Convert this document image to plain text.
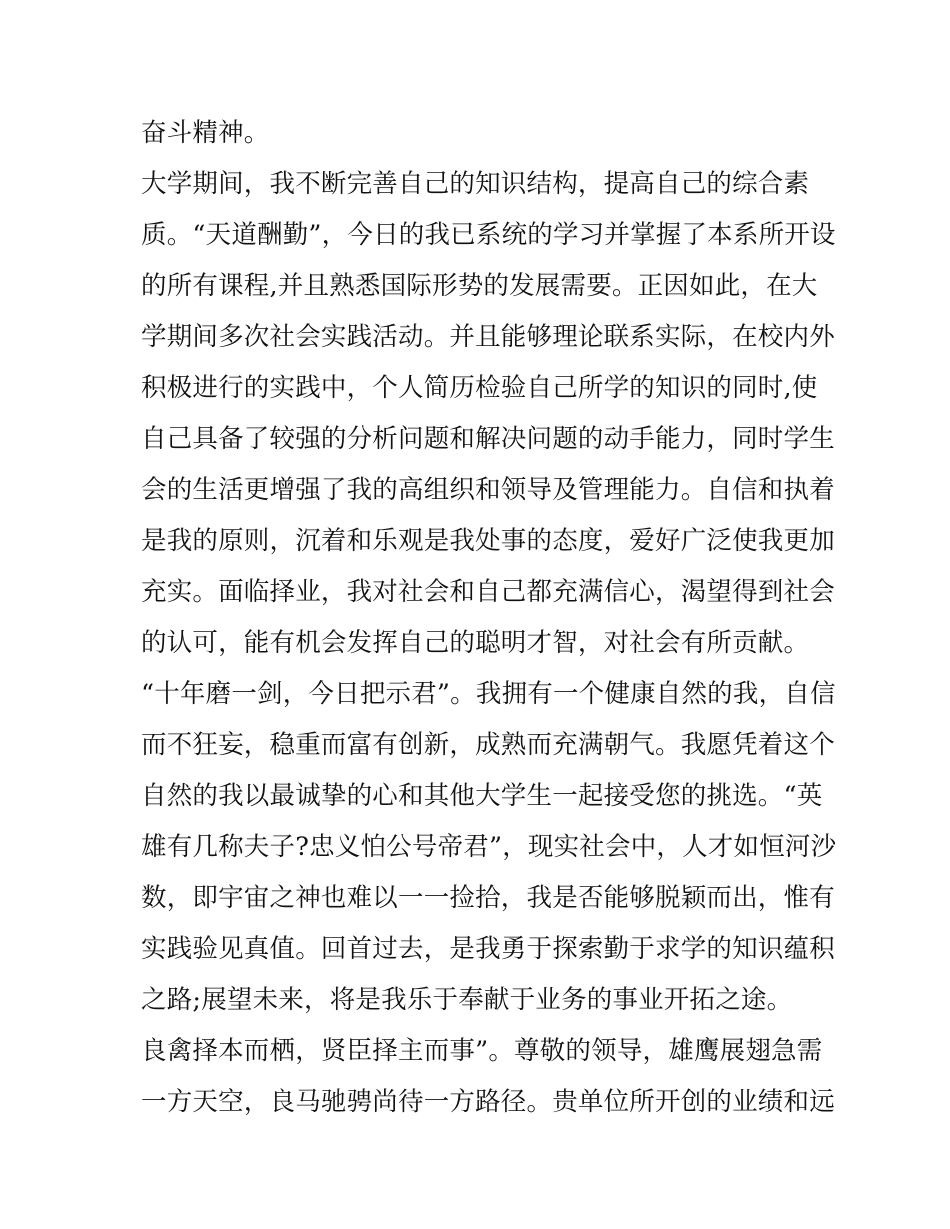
奋斗精神。
大学期间，我不断完善自己的知识结构，提高自己的综合素
质。“天道酬勤”，今日的我已系统的学习并掌握了本系所开设
的所有课程,并且熟悉国际形势的发展需要。正因如此，在大
学期间多次社会实践活动。并且能够理论联系实际，在校内外
积极进行的实践中，个人简历检验自己所学的知识的同时,使
自己具备了较强的分析问题和解决问题的动手能力，同时学生
会的生活更增强了我的高组织和领导及管理能力。自信和执着
是我的原则，沉着和乐观是我处事的态度，爱好广泛使我更加
充实。面临择业，我对社会和自己都充满信心，渴望得到社会
的认可，能有机会发挥自己的聪明才智，对社会有所贡献。
“十年磨一剑，今日把示君”。我拥有一个健康自然的我，自信
而不狂妄，稳重而富有创新，成熟而充满朝气。我愿凭着这个
自然的我以最诚挚的心和其他大学生一起接受您的挑选。“英
雄有几称夫子?忠义怕公号帝君”，现实社会中，人才如恒河沙
数，即宇宙之神也难以一一捡拾，我是否能够脱颖而出，惟有
实践验见真值。回首过去，是我勇于探索勤于求学的知识蕴积
之路;展望未来，将是我乐于奉献于业务的事业开拓之途。
良禽择本而栖，贤臣择主而事”。尊敬的领导，雄鹰展翅急需
一方天空，良马驰骋尚待一方路径。贵单位所开创的业绩和远
